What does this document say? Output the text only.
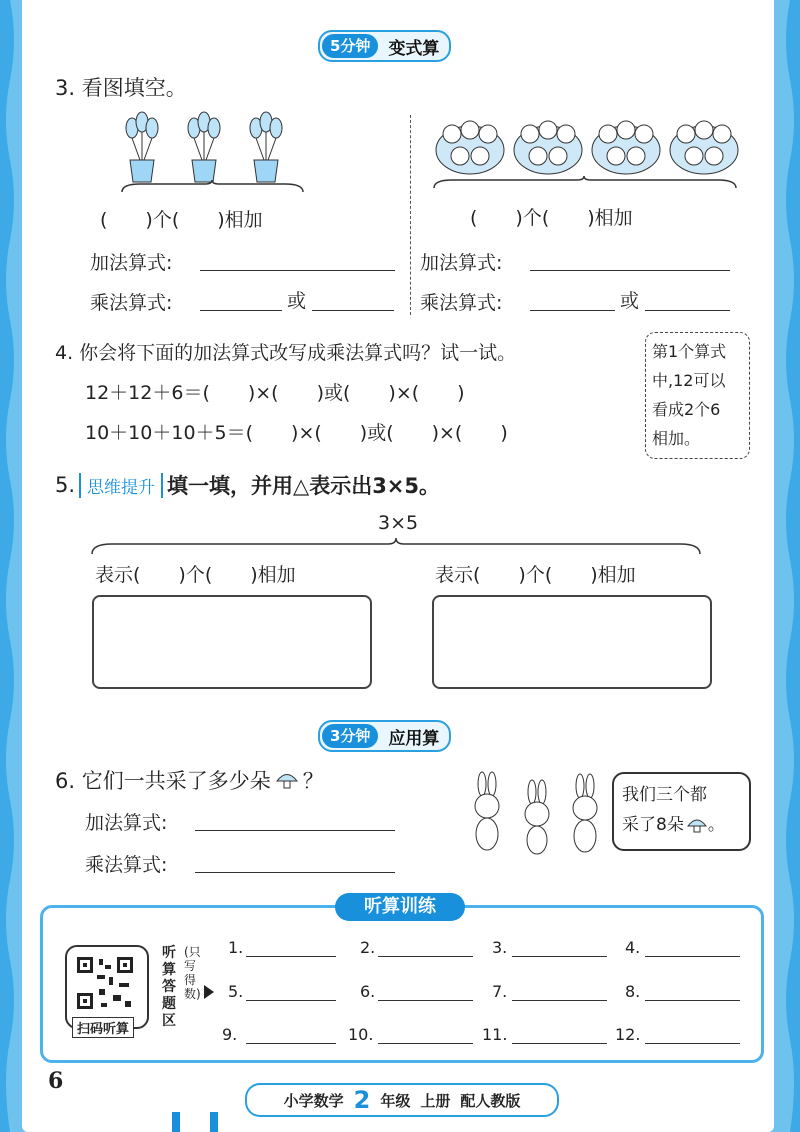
5分钟	变式算
3. 看图填空。
(　　)个(　　)相加
加法算式:
乘法算式:	或
(　　)个(　　)相加
加法算式:
乘法算式:	或
4. 你会将下面的加法算式改写成乘法算式吗？试一试。
12＋12＋6＝(　　)×(　　)或(　　)×(　　)
10＋10＋10＋5＝(　　)×(　　)或(　　)×(　　)
第1个算式
中,12可以
看成2个6
相加。
5. 思维提升 填一填，并用△表示出3×5。
3×5
表示(　　)个(　　)相加	表示(　　)个(　　)相加
3分钟	应用算
6. 它们一共采了多少朵 ？
加法算式:
乘法算式:
我们三个都
采了8朵 。
听算训练
扫码听算
听算答题区
(只写得数)
1.	2.	3.	4.
5.	6.	7.	8.
9.	10.	11.	12.
6
小学数学 2 年级 上册 配人教版
